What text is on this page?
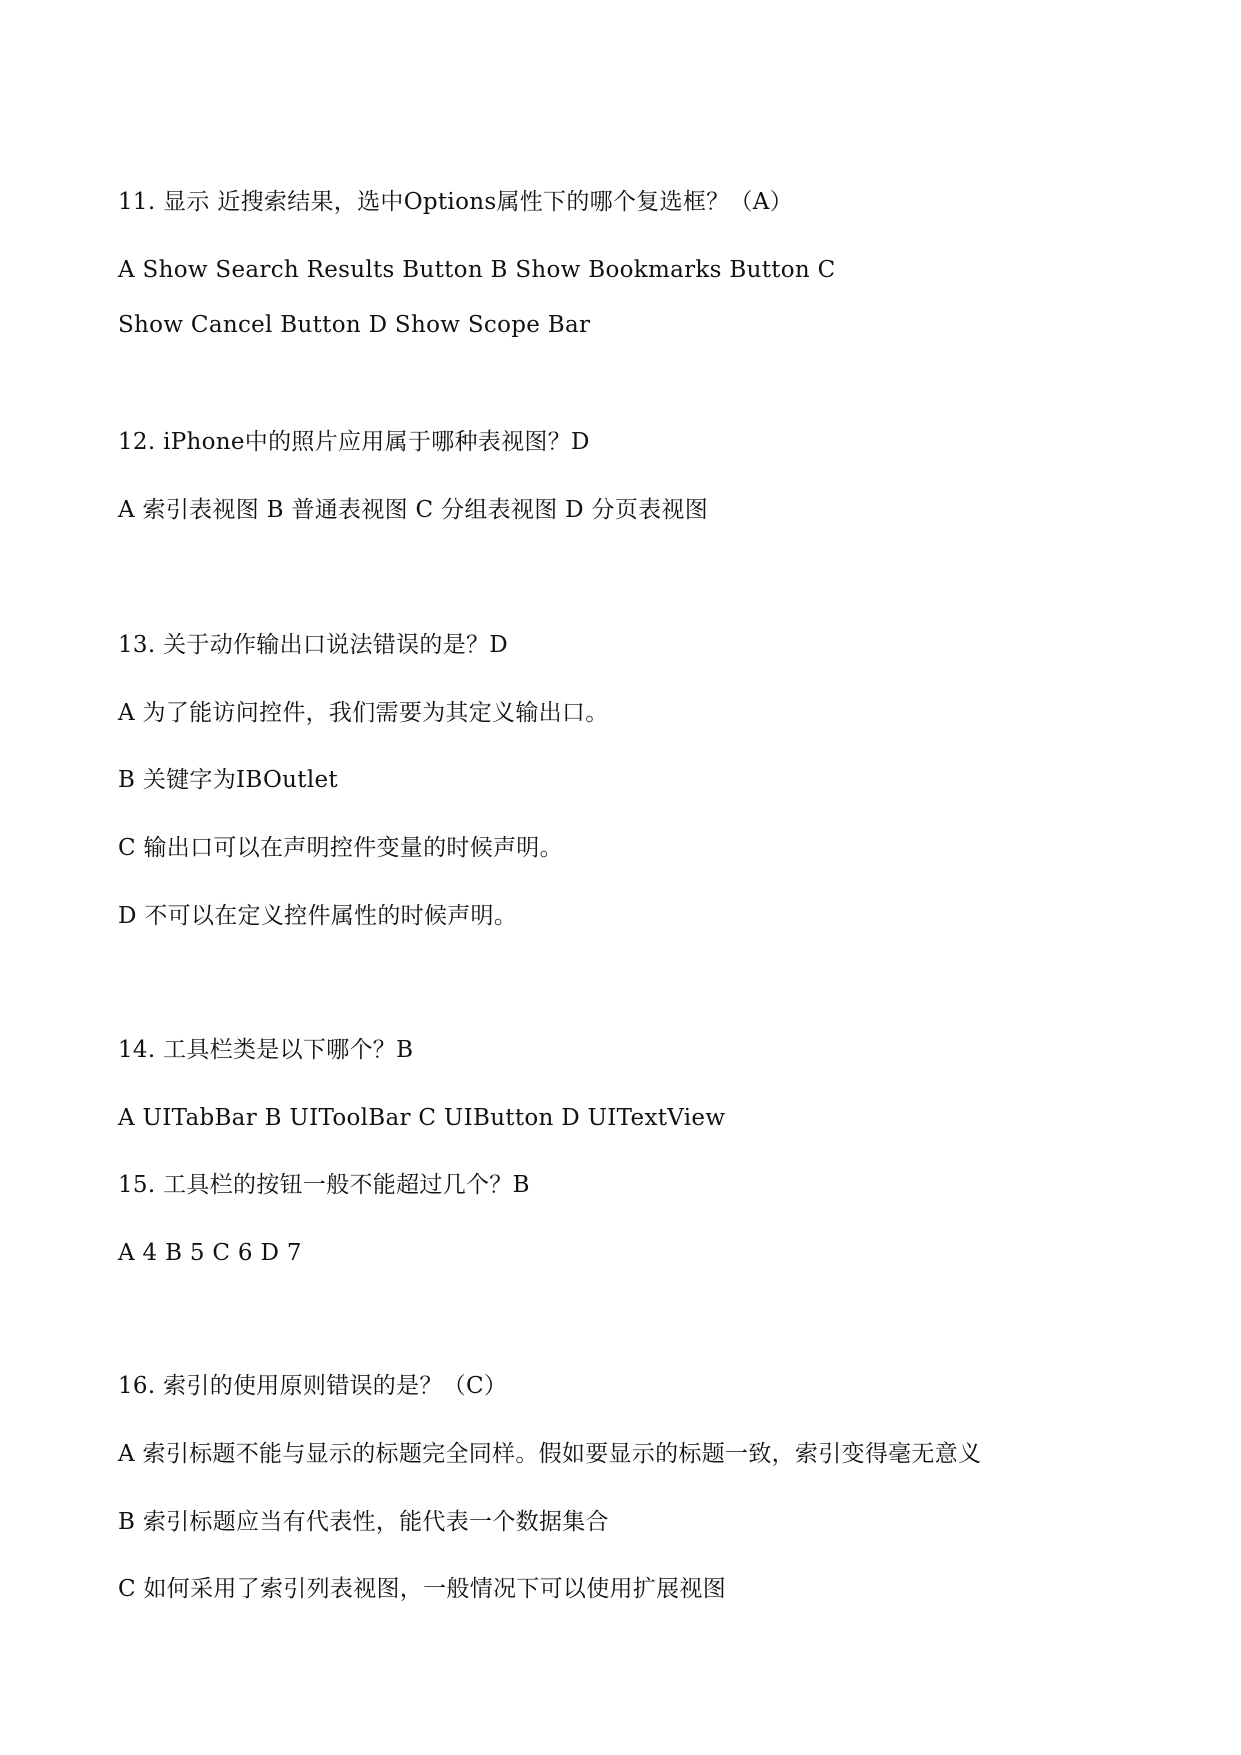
11. 显示 近搜索结果，选中Options属性下的哪个复选框？（A）
A Show Search Results Button B Show Bookmarks Button C
Show Cancel Button D Show Scope Bar
12. iPhone中的照片应用属于哪种表视图？D
A 索引表视图 B 普通表视图 C 分组表视图 D 分页表视图
13. 关于动作输出口说法错误的是？D
A 为了能访问控件，我们需要为其定义输出口。
B 关键字为IBOutlet
C 输出口可以在声明控件变量的时候声明。
D 不可以在定义控件属性的时候声明。
14. 工具栏类是以下哪个？B
A UITabBar B UIToolBar C UIButton D UITextView
15. 工具栏的按钮一般不能超过几个？B
A 4 B 5 C 6 D 7
16. 索引的使用原则错误的是？（C）
A 索引标题不能与显示的标题完全同样。假如要显示的标题一致，索引变得毫无意义
B 索引标题应当有代表性，能代表一个数据集合
C 如何采用了索引列表视图，一般情况下可以使用扩展视图
